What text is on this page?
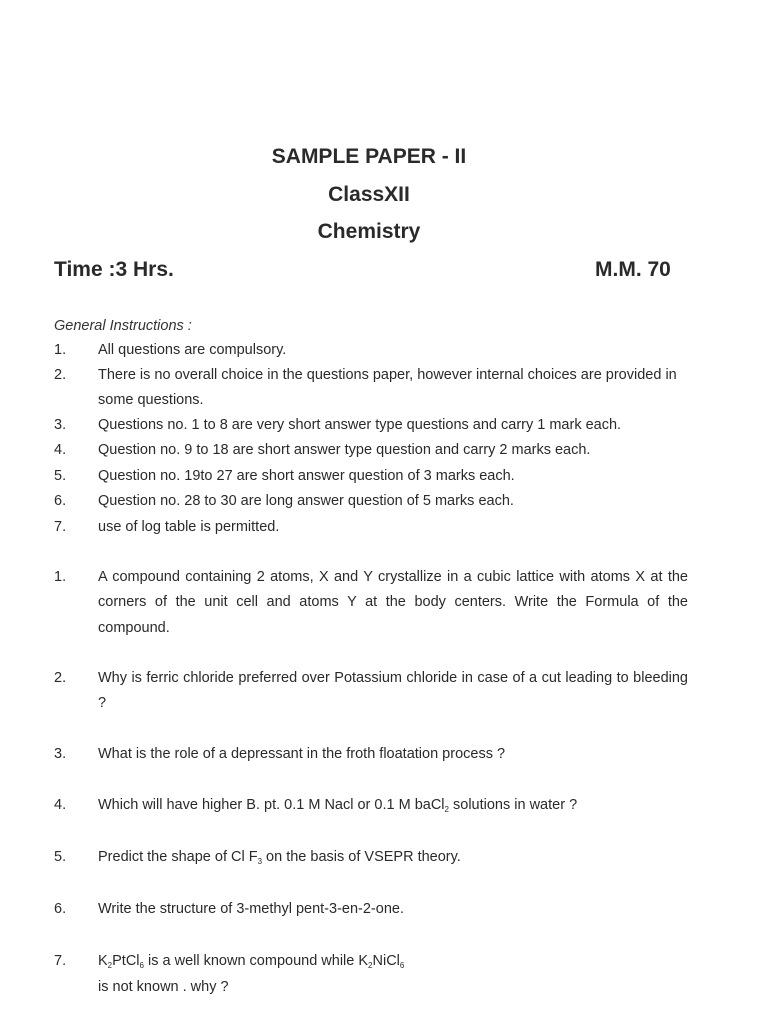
SAMPLE PAPER - II
ClassXII
Chemistry
Time :3 Hrs.	M.M. 70
General Instructions :
1. All questions are compulsory.
2. There is no overall choice in the questions paper, however internal choices are provided in some questions.
3. Questions no. 1 to 8 are very short answer type questions and carry 1 mark each.
4. Question no. 9 to 18 are short answer type question and carry 2 marks each.
5. Question no. 19to 27 are short answer question of 3 marks each.
6. Question no. 28 to 30 are long answer question of 5 marks each.
7. use of log table is permitted.
1. A compound containing 2 atoms, X and Y crystallize in a cubic lattice with atoms X at the corners of the unit cell and atoms Y at the body centers. Write the Formula of the compound.
2. Why is ferric chloride preferred over Potassium chloride in case of a cut leading to bleeding ?
3. What is the role of a depressant in the froth floatation process ?
4. Which will have higher B. pt. 0.1 M Nacl or 0.1 M baCl$_2$ solutions in water ?
5. Predict the shape of Cl $F_3$ on the basis of VSEPR theory.
6. Write the structure of 3-methyl pent-3-en-2-one.
7. $K_2PtCl_6$ is a well known compound while $K_2NiCl_6$
is not known . why ?
